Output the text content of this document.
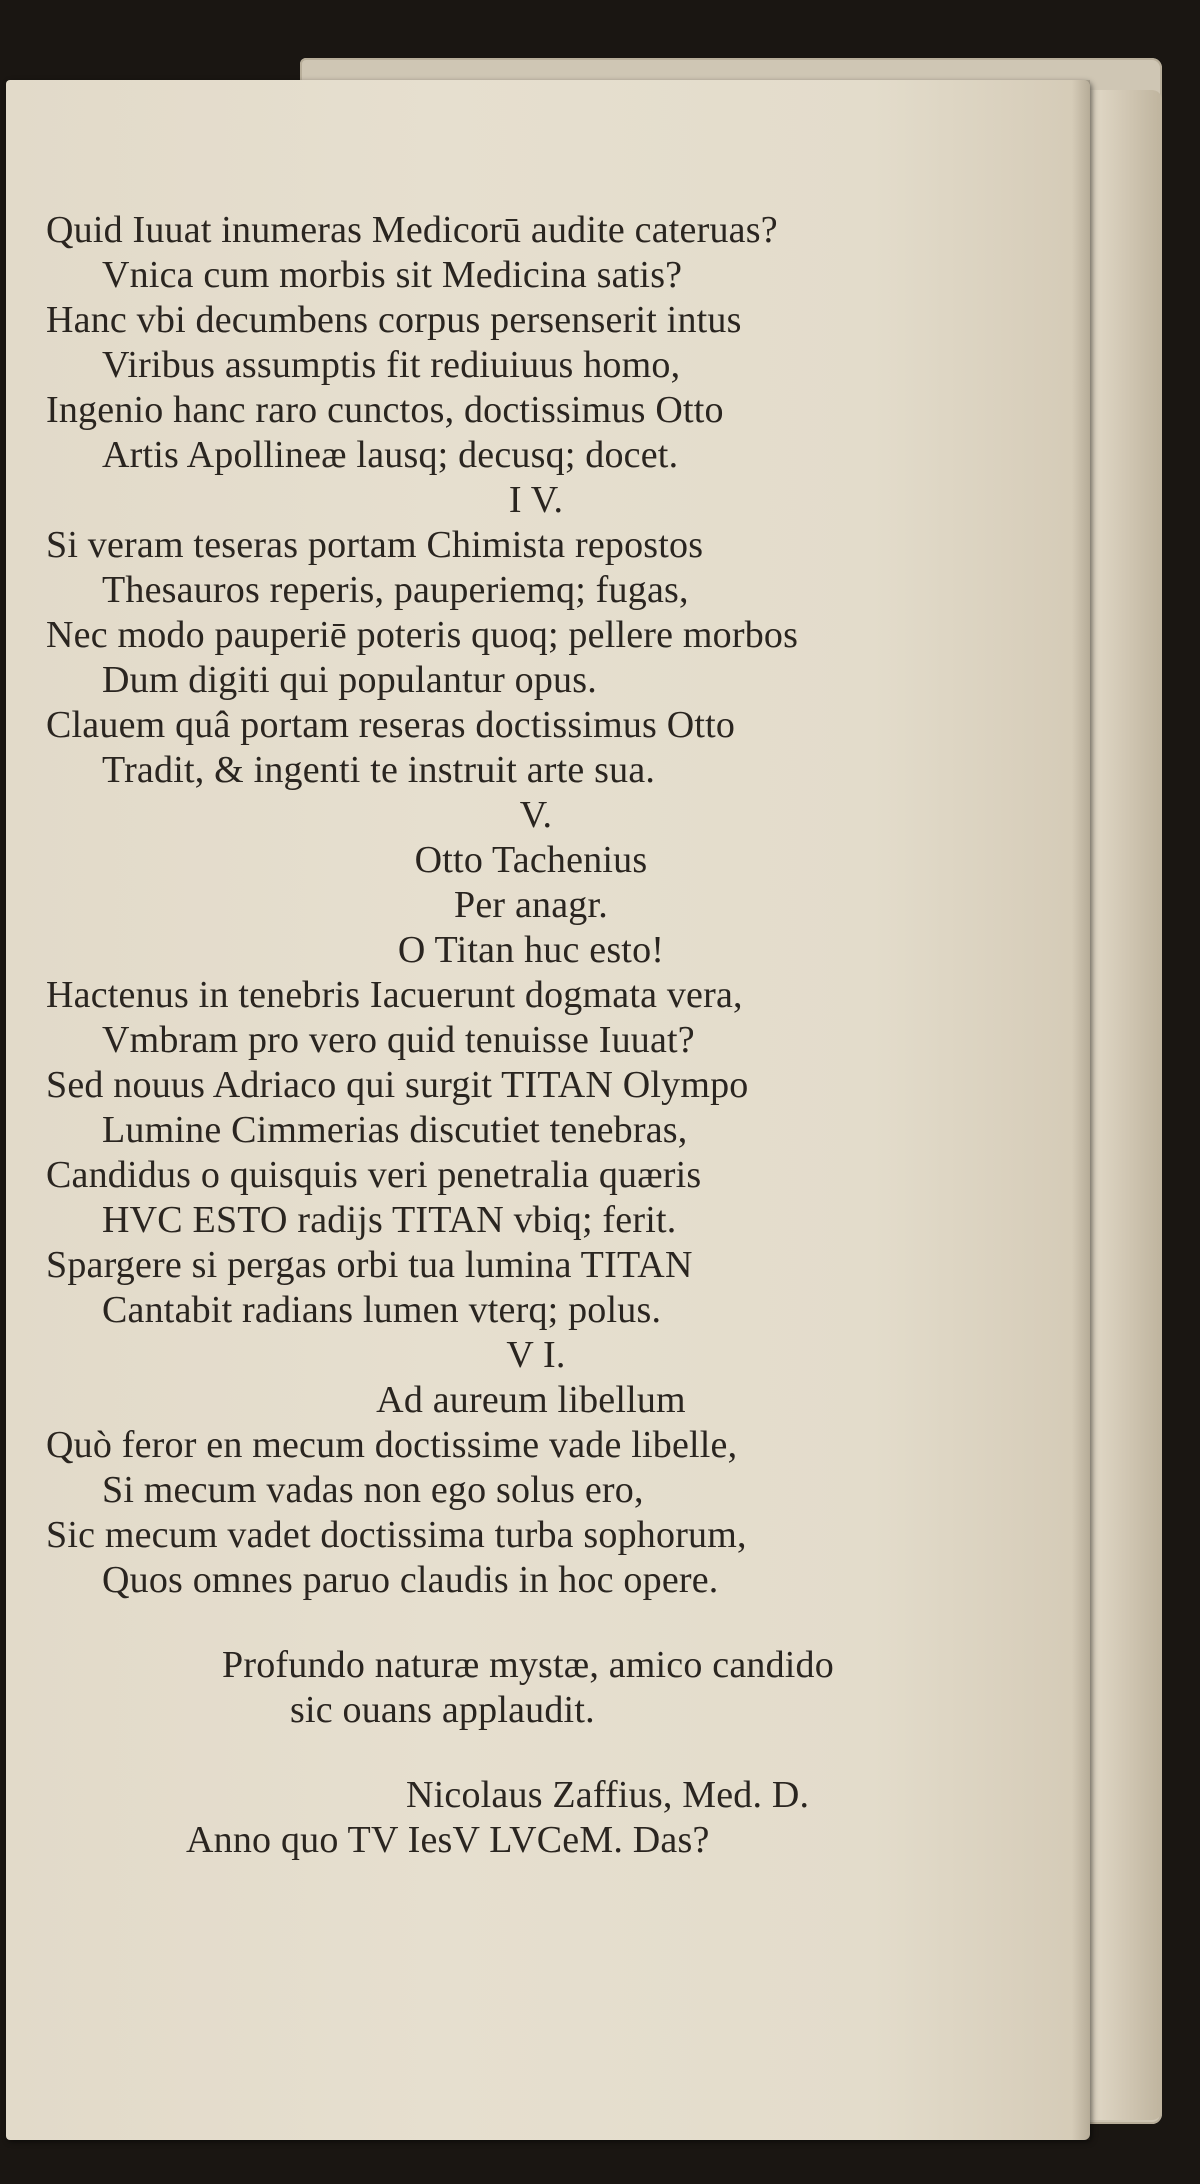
Quid Iuuat inumeras Medicorū audite cateruas?
Vnica cum morbis sit Medicina satis?
Hanc vbi decumbens corpus persenserit intus
Viribus assumptis fit rediuiuus homo,
Ingenio hanc raro cunctos, doctissimus Otto
Artis Apollineæ lausq; decusq; docet.
I V.
Si veram teseras portam Chimista repostos
Thesauros reperis, pauperiemq; fugas,
Nec modo pauperiē poteris quoq; pellere morbos
Dum digiti qui populantur opus.
Clauem quâ portam reseras doctissimus Otto
Tradit, & ingenti te instruit arte sua.
V.
Otto Tachenius
Per anagr.
O Titan huc esto!
Hactenus in tenebris Iacuerunt dogmata vera,
Vmbram pro vero quid tenuisse Iuuat?
Sed nouus Adriaco qui surgit TITAN Olympo
Lumine Cimmerias discutiet tenebras,
Candidus o quisquis veri penetralia quæris
HVC ESTO radijs TITAN vbiq; ferit.
Spargere si pergas orbi tua lumina TITAN
Cantabit radians lumen vterq; polus.
V I.
Ad aureum libellum
Quò feror en mecum doctissime vade libelle,
Si mecum vadas non ego solus ero,
Sic mecum vadet doctissima turba sophorum,
Quos omnes paruo claudis in hoc opere.
Profundo naturæ mystæ, amico candido
sic ouans applaudit.
Nicolaus Zaffius, Med. D.
Anno quo TV IesV LVCeM. Das?
